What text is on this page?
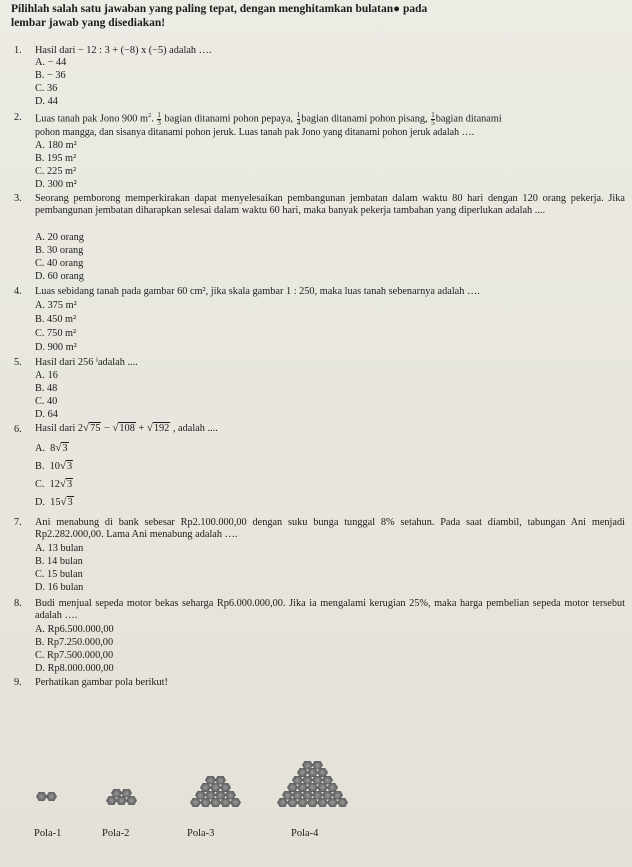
Pilihlah salah satu jawaban yang paling tepat, dengan menghitamkan bulatan● pada
lembar jawab yang disediakan!
1. Hasil dari − 12 : 3 + (−8) x (−5) adalah ….
A. − 44
B. − 36
C. 36
D. 44
2. Luas tanah pak Jono 900 $m^2$. $\frac{1}{3}$ bagian ditanami pohon pepaya, $\frac{1}{4}$ bagian ditanami pohon pisang, $\frac{1}{5}$ bagian ditanami
pohon mangga, dan sisanya ditanami pohon jeruk. Luas tanah pak Jono yang ditanami pohon jeruk adalah ….
A. 180 m²
B. 195 m²
C. 225 m²
D. 300 m²
3. Seorang pemborong memperkirakan dapat menyelesaikan pembangunan jembatan dalam waktu 80 hari dengan 120 orang pekerja. Jika pembangunan jembatan diharapkan selesai dalam waktu 60 hari, maka banyak pekerja tambahan yang diperlukan adalah ....
A. 20 orang
B. 30 orang
C. 40 orang
D. 60 orang
4. Luas sebidang tanah pada gambar 60 cm², jika skala gambar 1 : 250, maka luas tanah sebenarnya adalah ….
A. 375 m²
B. 450 m²
C. 750 m²
D. 900 m²
5. Hasil dari 256 ⁱadalah ....
A. 16
B. 48
C. 40
D. 64
6. Hasil dari 2√75 − √108 + √192 , adalah ....
A. 8√3
B. 10√3
C. 12√3
D. 15√3
7. Ani menabung di bank sebesar Rp2.100.000,00 dengan suku bunga tunggal 8% setahun. Pada saat diambil, tabungan Ani menjadi Rp2.282.000,00. Lama Ani menabung adalah ….
A. 13 bulan
B. 14 bulan
C. 15 bulan
D. 16 bulan
8. Budi menjual sepeda motor bekas seharga Rp6.000.000,00. Jika ia mengalami kerugian 25%, maka harga pembelian sepeda motor tersebut adalah ….
A. Rp6.500.000,00
B. Rp7.250.000,00
C. Rp7.500.000,00
D. Rp8.000.000,00
9. Perhatikan gambar pola berikut!
Pola-1	Pola-2	Pola-3	Pola-4
